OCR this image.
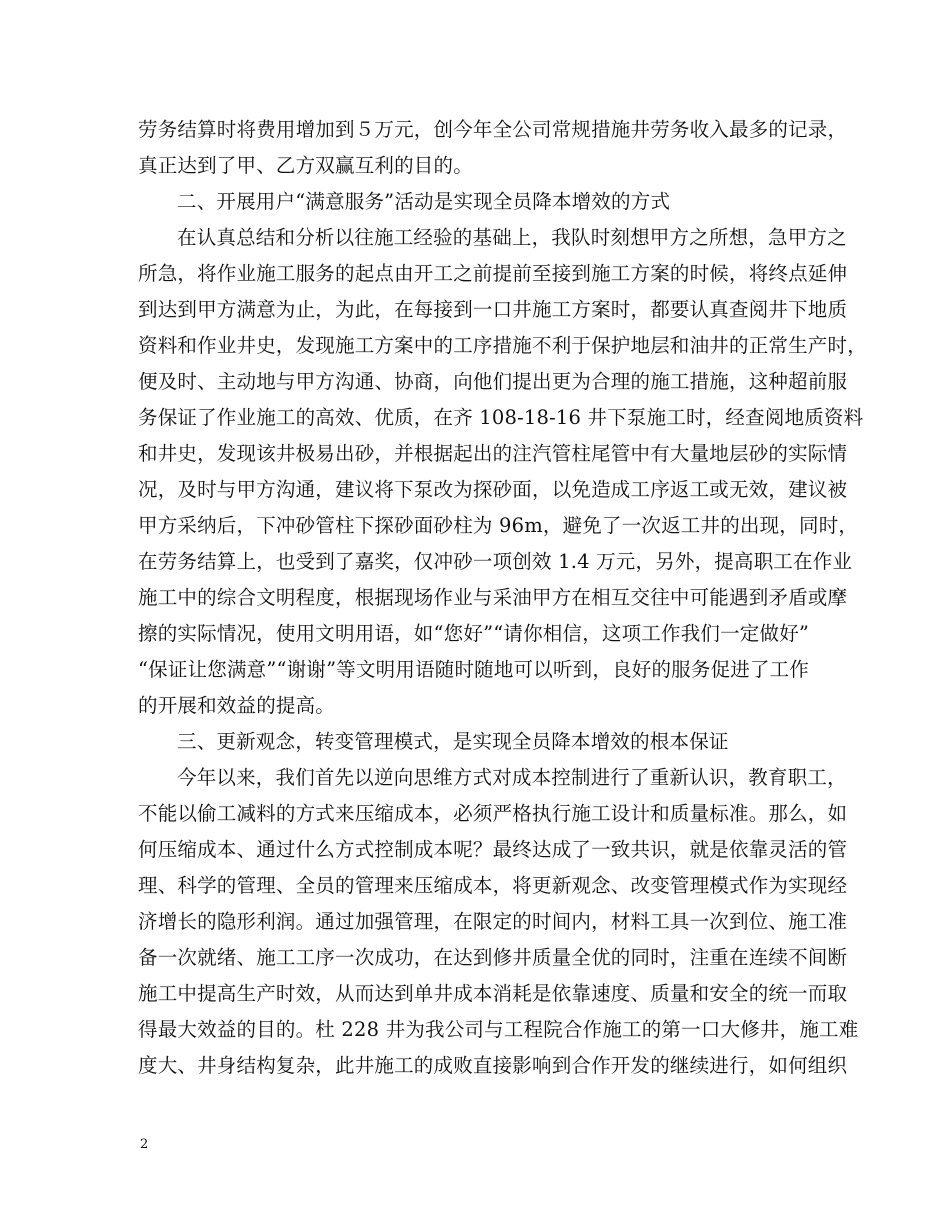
劳务结算时将费用增加到５万元，创今年全公司常规措施井劳务收入最多的记录，
真正达到了甲、乙方双赢互利的目的。
二、开展用户“满意服务”活动是实现全员降本增效的方式
在认真总结和分析以往施工经验的基础上，我队时刻想甲方之所想，急甲方之
所急，将作业施工服务的起点由开工之前提前至接到施工方案的时候，将终点延伸
到达到甲方满意为止，为此，在每接到一口井施工方案时，都要认真查阅井下地质
资料和作业井史，发现施工方案中的工序措施不利于保护地层和油井的正常生产时，
便及时、主动地与甲方沟通、协商，向他们提出更为合理的施工措施，这种超前服
务保证了作业施工的高效、优质，在齐 108-18-16 井下泵施工时，经查阅地质资料
和井史，发现该井极易出砂，并根据起出的注汽管柱尾管中有大量地层砂的实际情
况，及时与甲方沟通，建议将下泵改为探砂面，以免造成工序返工或无效，建议被
甲方采纳后，下冲砂管柱下探砂面砂柱为 96m，避免了一次返工井的出现，同时，
在劳务结算上，也受到了嘉奖，仅冲砂一项创效 1.4 万元，另外，提高职工在作业
施工中的综合文明程度，根据现场作业与采油甲方在相互交往中可能遇到矛盾或摩
擦的实际情况，使用文明用语，如“您好”“请你相信，这项工作我们一定做好”
“保证让您满意”“谢谢”等文明用语随时随地可以听到，良好的服务促进了工作
的开展和效益的提高。
三、更新观念，转变管理模式，是实现全员降本增效的根本保证
今年以来，我们首先以逆向思维方式对成本控制进行了重新认识，教育职工，
不能以偷工减料的方式来压缩成本，必须严格执行施工设计和质量标准。那么，如
何压缩成本、通过什么方式控制成本呢？最终达成了一致共识，就是依靠灵活的管
理、科学的管理、全员的管理来压缩成本，将更新观念、改变管理模式作为实现经
济增长的隐形利润。通过加强管理，在限定的时间内，材料工具一次到位、施工准
备一次就绪、施工工序一次成功，在达到修井质量全优的同时，注重在连续不间断
施工中提高生产时效，从而达到单井成本消耗是依靠速度、质量和安全的统一而取
得最大效益的目的。杜 228 井为我公司与工程院合作施工的第一口大修井，施工难
度大、井身结构复杂，此井施工的成败直接影响到合作开发的继续进行，如何组织
2
